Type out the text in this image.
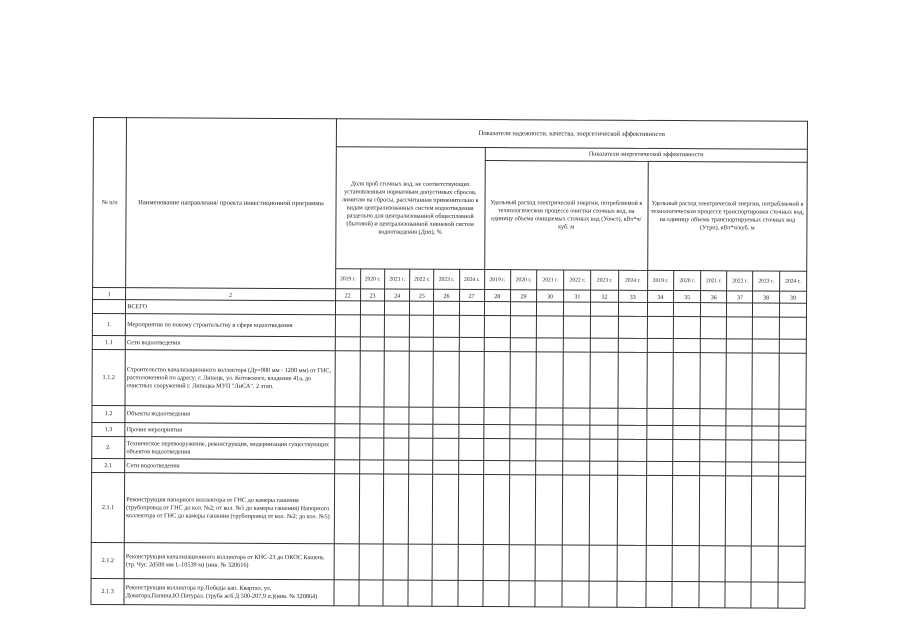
№ п/п	Наименование направления/ проекта инвестиционной программы	Показатели надежности, качества, энергетической эффективности																	
		Доля проб сточных вод, не соответствующих установленным нормативам допустимых сбросов, лимитам на сбросы, рассчитанная применительно к видам централизованных систем водоотведения раздельно для централизованной общесплавной (бытовой) и централизованной ливневой систем водоотведения (Дпп), %						Показатели энергетической эффективности											
								Удельный расход электрической энергии, потребляемой в технологическом процессе очистки сточных вод, на единицу объема очищаемых сточных вод (Уочст), кВт*ч/куб. м						Удельный расход электрической энергии, потребляемой в технологическом процессе транспортировки сточных вод, на единицу объема транспортируемых сточных вод (Утрп), кВт*ч/куб. м					
		2019 г.	2020 г.	2021 г.	2022 г.	2023 г.	2024 г.	2019 г.	2020 г.	2021 г.	2022 г.	2023 г.	2024 г.	2019 г.	2020 г.	2021 г.	2022 г.	2023 г.	2024 г.
1	2	22	23	24	25	26	27	28	29	30	31	32	33	34	35	36	37	38	39
	ВСЕГО																		
1.	Мероприятия по новому строительству в сфере водоотведения																		
1.1	Сети водоотведения																		
1.1.2	Строительство канализационного коллектора (Ду=900 мм - 1200 мм) от ГНС, расположенной по адресу: г. Липецк, ул. Котовского, владение 41а, до очистных сооружений г. Липецка МУП "ЛиСА". 2 этап.																		
1.2	Объекты водоотведения																		
1.3	Прочие мероприятия																		
2.	Техническое перевооружение, реконструкция, модернизация существующих объектов водоотведения																		
2.1	Сети водоотведения																		
2.1.1	Реконструкция напорного коллектора от ГНС до камеры гашения (трубопровод от ГНС до кол. №2; от кол. №5 до камеры гашения) Напорного коллектора от ГНС до камеры гашения (трубопровод от кол. №2; до кол. №5)																		
2.1.2	Реконструкция канализационного коллектора от КНС-23 до ОКОС Кашень (тр. Чуг. 2d500 мм L-10539 м) (инв. № 320616)																		
2.1.3	Реконструкция коллектора пр.Победы кап. Квартал, ул. Доватора,Папина,Ю.Пятурал. (труба ж/б Д 500-207,9 п.)(инв. № 320864)																		
